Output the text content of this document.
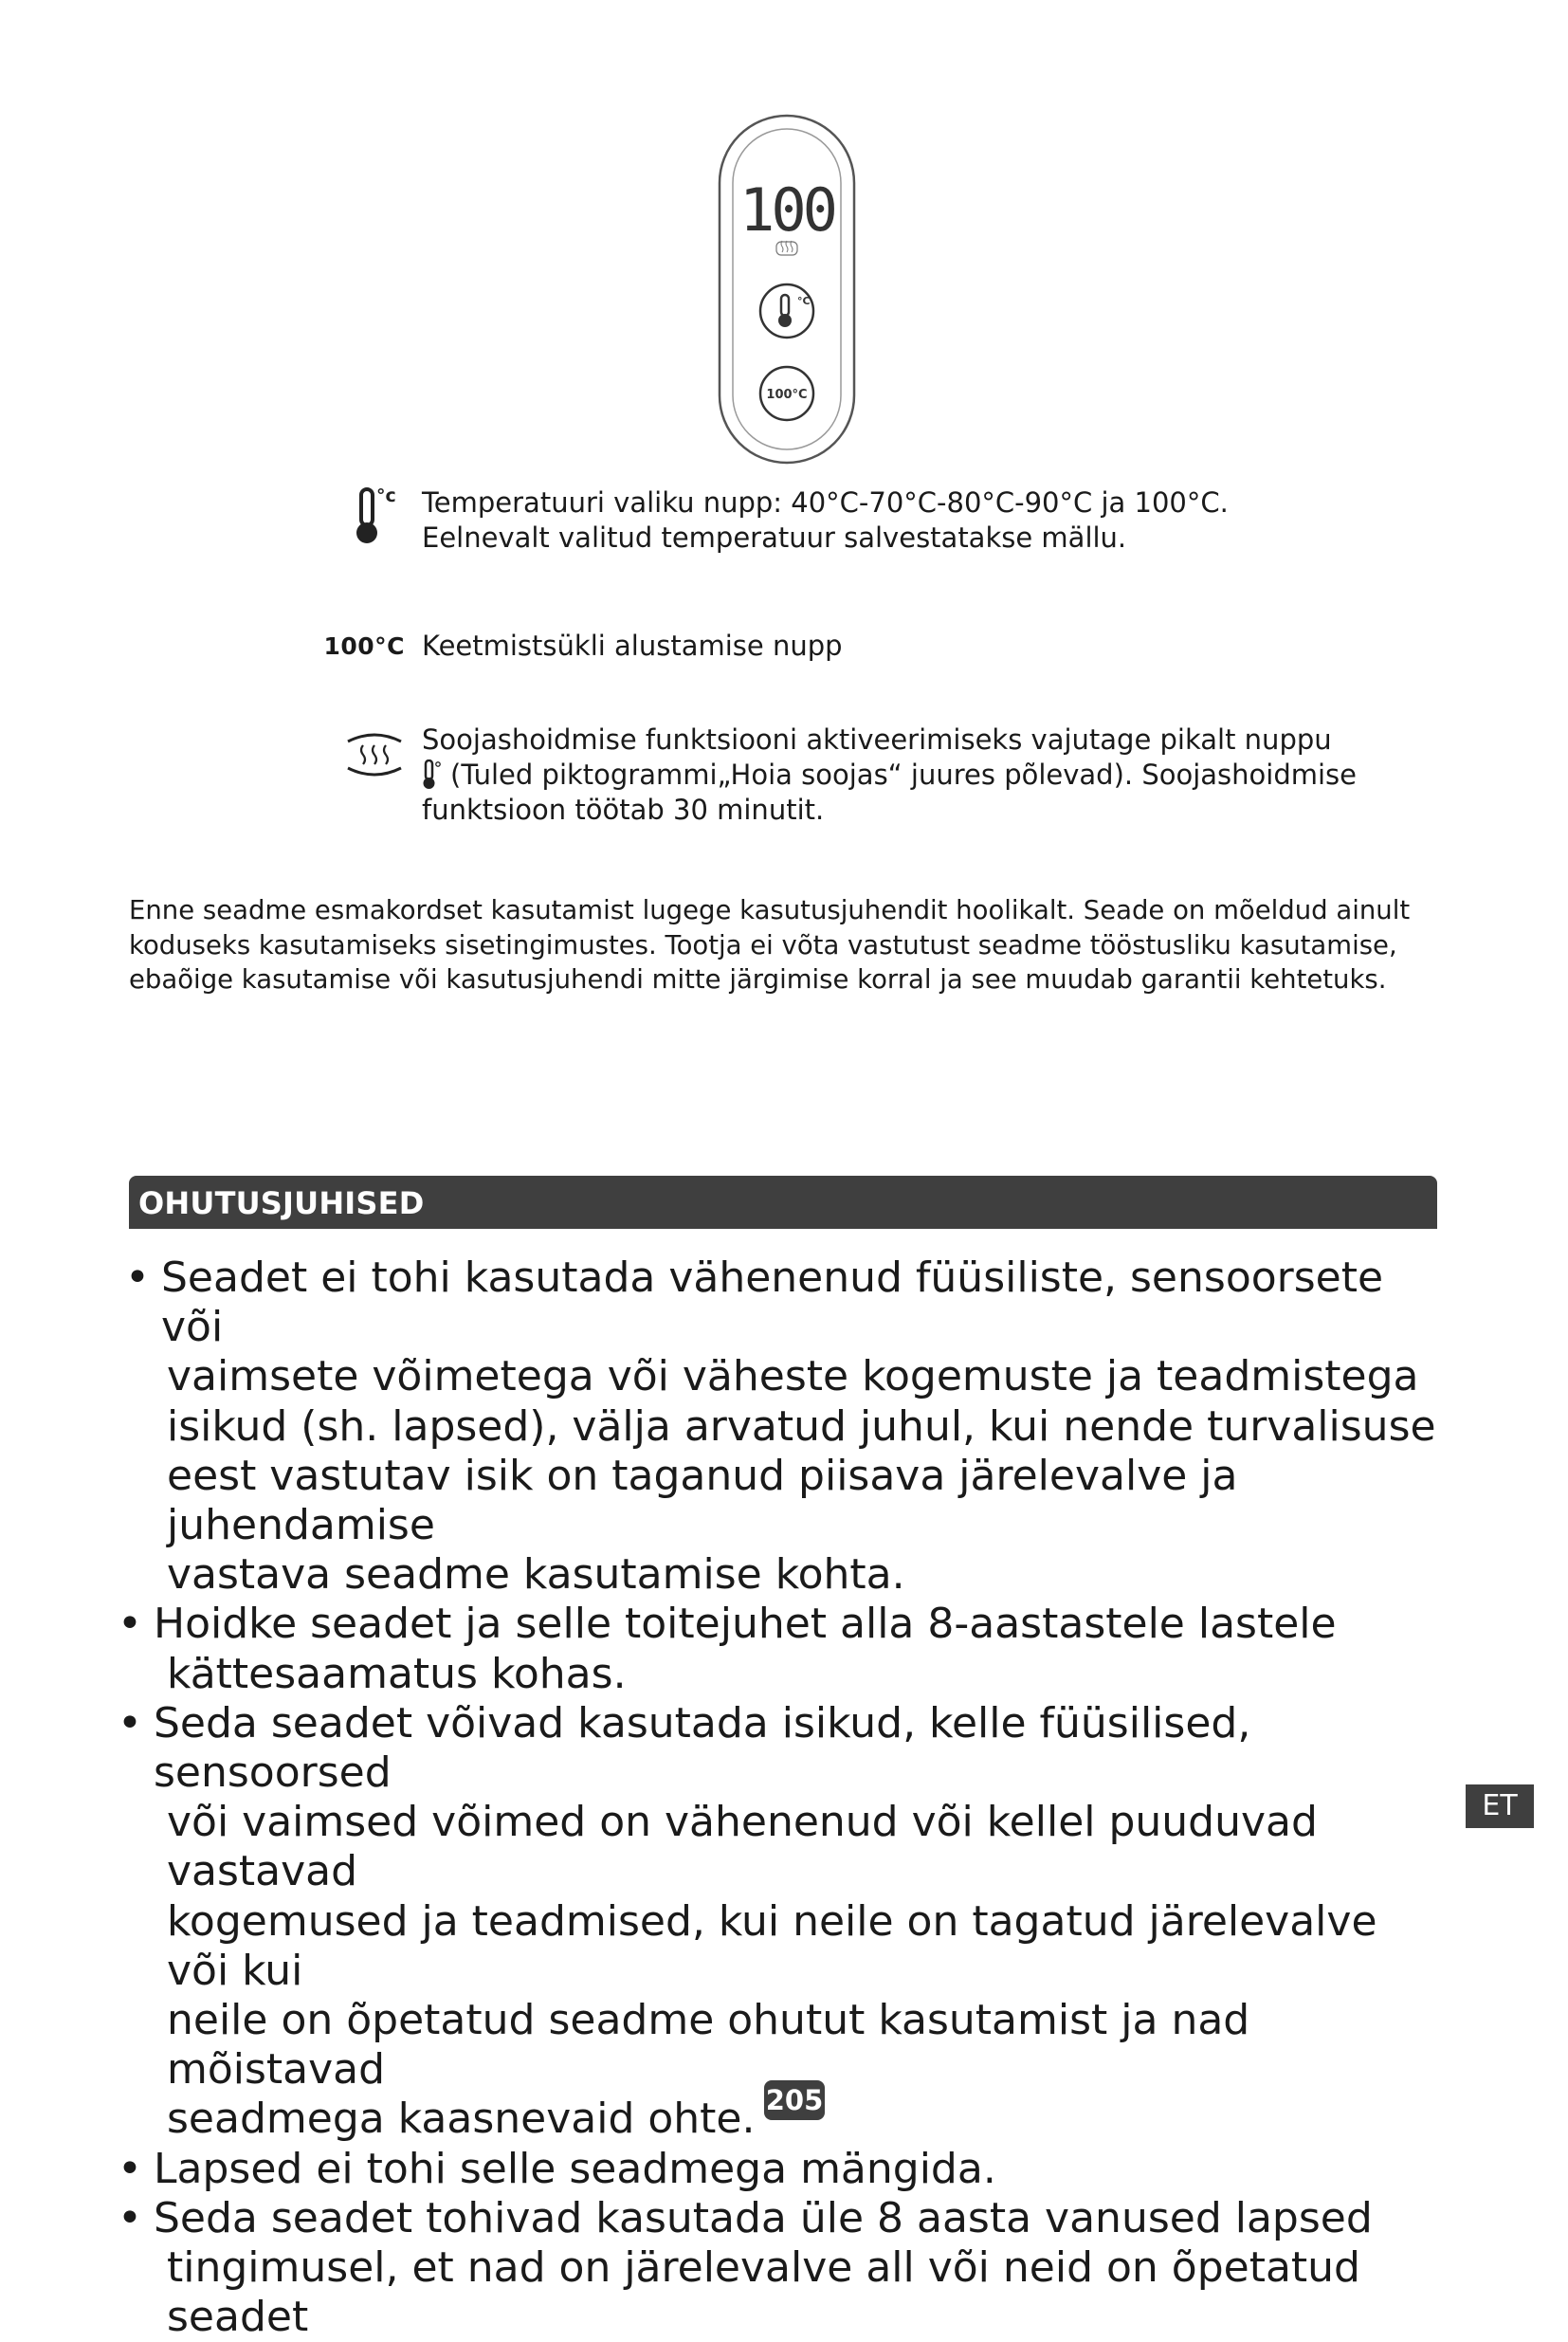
100
°C
100°C
°c Temperatuuri valiku nupp: 40°C-70°C-80°C-90°C ja 100°C.

Eelnevalt valitud temperatuur salvestatakse mällu.

100°C Keetmistsükli alustamise nupp

Soojashoidmise funktsiooni aktiveerimiseks vajutage pikalt nuppu

(Tuled piktogrammi„Hoia soojas“ juures põlevad). Soojashoidmise

funktsioon töötab 30 minutit.

Enne seadme esmakordset kasutamist lugege kasutusjuhendit hoolikalt. Seade on mõeldud ainult
koduseks kasutamiseks sisetingimustes. Tootja ei võta vastutust seadme tööstusliku kasutamise,
ebaõige kasutamise või kasutusjuhendi mitte järgimise korral ja see muudab garantii kehtetuks.
OHUTUSJUHISED
• Seadet ei tohi kasutada vähenenud füüsiliste, sensoorsete või
vaimsete võimetega või väheste kogemuste ja teadmistega
isikud (sh. lapsed), välja arvatud juhul, kui nende turvalisuse
eest vastutav isik on taganud piisava järelevalve ja juhendamise
vastava seadme kasutamise kohta.
• Hoidke seadet ja selle toitejuhet alla 8-aastastele lastele
kättesaamatus kohas.
• Seda seadet võivad kasutada isikud, kelle füüsilised, sensoorsed
või vaimsed võimed on vähenenud või kellel puuduvad vastavad
kogemused ja teadmised, kui neile on tagatud järelevalve või kui
neile on õpetatud seadme ohutut kasutamist ja nad mõistavad
seadmega kaasnevaid ohte.
• Lapsed ei tohi selle seadmega mängida.
• Seda seadet tohivad kasutada üle 8 aasta vanused lapsed
tingimusel, et nad on järelevalve all või neid on õpetatud seadet
ET
205
